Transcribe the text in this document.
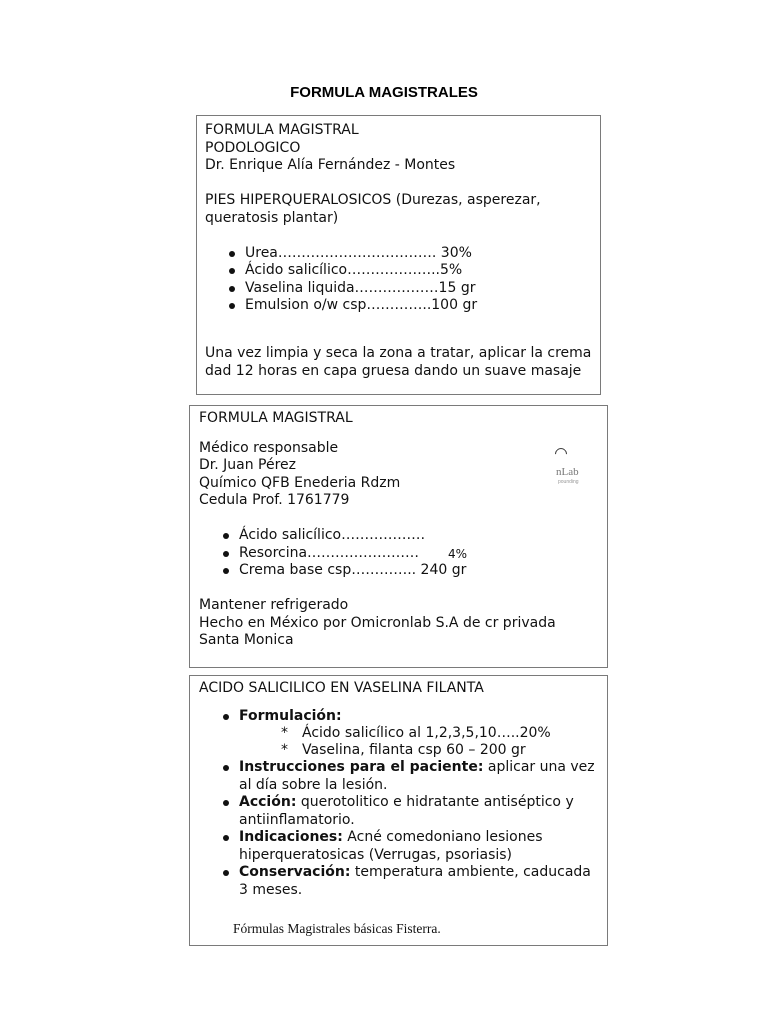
FORMULA MAGISTRALES

FORMULA MAGISTRAL

PODOLOGICO

Dr. Enrique Alía Fernández - Montes

PIES HIPERQUERALOSICOS (Durezas, asperezar, queratosis plantar)

Urea……………………………. 30%
Ácido salicílico………………..5%
Vaselina liquida………………15 gr
Emulsion o/w csp…………..100 gr

Una vez limpia y seca la zona a tratar, aplicar la crema dad 12 horas en capa gruesa dando un suave masaje

FORMULA MAGISTRAL

Médico responsable

Dr. Juan Pérez

Químico QFB Enederia Rdzm

Cedula Prof. 1761779

Ácido salicílico………………
Resorcina……………………
Crema base csp………….. 240 gr

Mantener refrigerado

Hecho en México por Omicronlab S.A de cr privada

Santa Monica

4%
nLab
pounding

ACIDO SALICILICO EN VASELINA FILANTA

Formulación:
* Ácido salicílico al 1,2,3,5,10…..20%
* Vaselina, filanta csp 60 – 200 gr
Instrucciones para el paciente: aplicar una vez al día sobre la lesión.
Acción: querotolitico e hidratante antiséptico y antiinflamatorio.
Indicaciones: Acné comedoniano lesiones hiperqueratosicas (Verrugas, psoriasis)
Conservación: temperatura ambiente, caducada 3 meses.
Fórmulas Magistrales básicas Fisterra.
